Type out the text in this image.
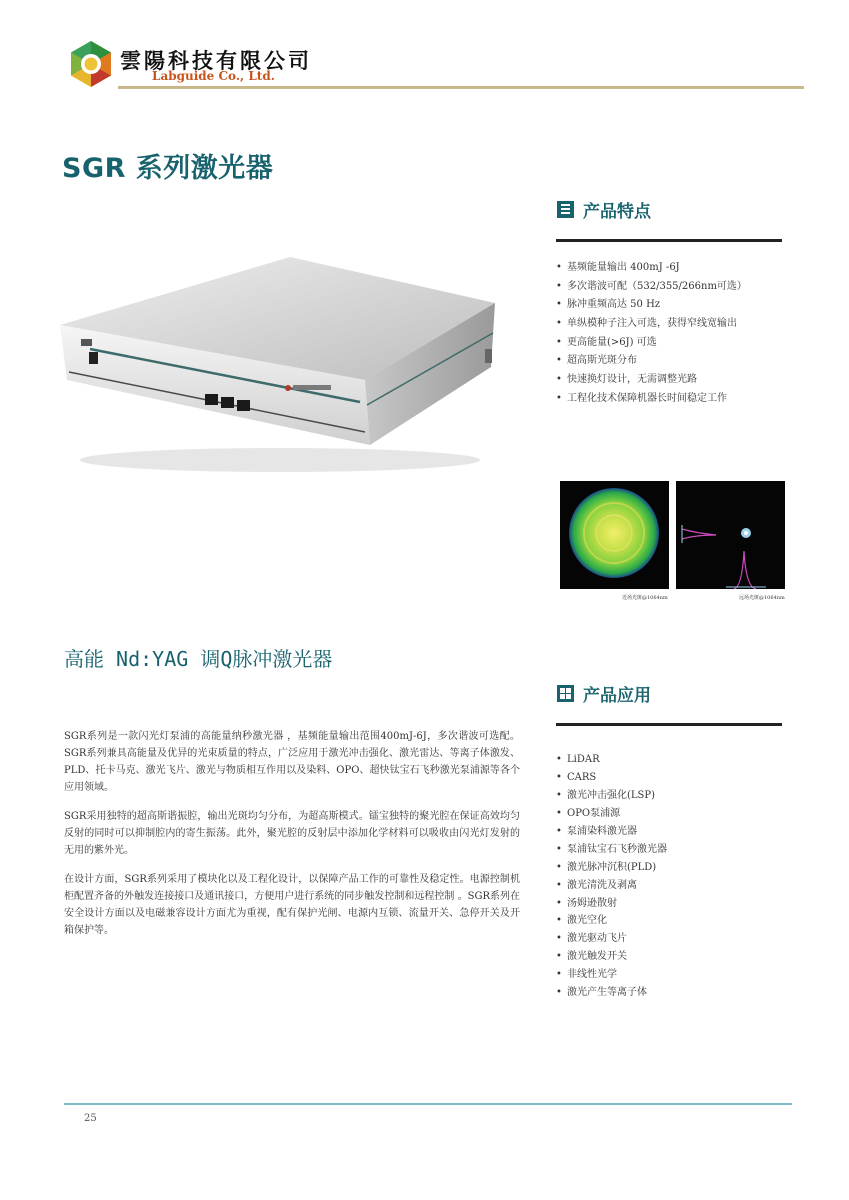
雲陽科技有限公司
Labguide Co., Ltd.
SGR 系列激光器
产品特点
• 基频能量输出 400mJ -6J
• 多次谐波可配（532/355/266nm可选）
• 脉冲重频高达 50 Hz
• 单纵模种子注入可选，获得窄线宽输出
• 更高能量(>6J) 可选
• 超高斯光斑分布
• 快速换灯设计，无需调整光路
• 工程化技术保障机器长时间稳定工作
近场光斑@1064nm	远场光斑@1064nm
高能 Nd:YAG 调Q脉冲激光器
产品应用
• LiDAR
• CARS
• 激光冲击强化(LSP)
• OPO泵浦源
• 泵浦染料激光器
• 泵浦钛宝石飞秒激光器
• 激光脉冲沉积(PLD)
• 激光清洗及剥离
• 汤姆逊散射
• 激光空化
• 激光驱动飞片
• 激光触发开关
• 非线性光学
• 激光产生等离子体

SGR系列是一款闪光灯泵浦的高能量纳秒激光器 ，基频能量输出范围400mJ-6J，多次谐波可选配。SGR系列兼具高能量及优异的光束质量的特点，广泛应用于激光冲击强化、激光雷达、等离子体激发、PLD、托卡马克、激光飞片、激光与物质相互作用以及染料、OPO、超快钛宝石飞秒激光泵浦源等各个应用领域。

SGR采用独特的超高斯谐振腔，输出光斑均匀分布，为超高斯模式。镭宝独特的聚光腔在保证高效均匀反射的同时可以抑制腔内的寄生振荡。此外，聚光腔的反射层中添加化学材料可以吸收由闪光灯发射的无用的紫外光。

在设计方面，SGR系列采用了模块化以及工程化设计，以保障产品工作的可靠性及稳定性。电源控制机柜配置齐备的外触发连接接口及通讯接口，方便用户进行系统的同步触发控制和远程控制 。SGR系列在安全设计方面以及电磁兼容设计方面尤为重视，配有保护光闸、电源内互锁、流量开关、急停开关及开箱保护等。

25
